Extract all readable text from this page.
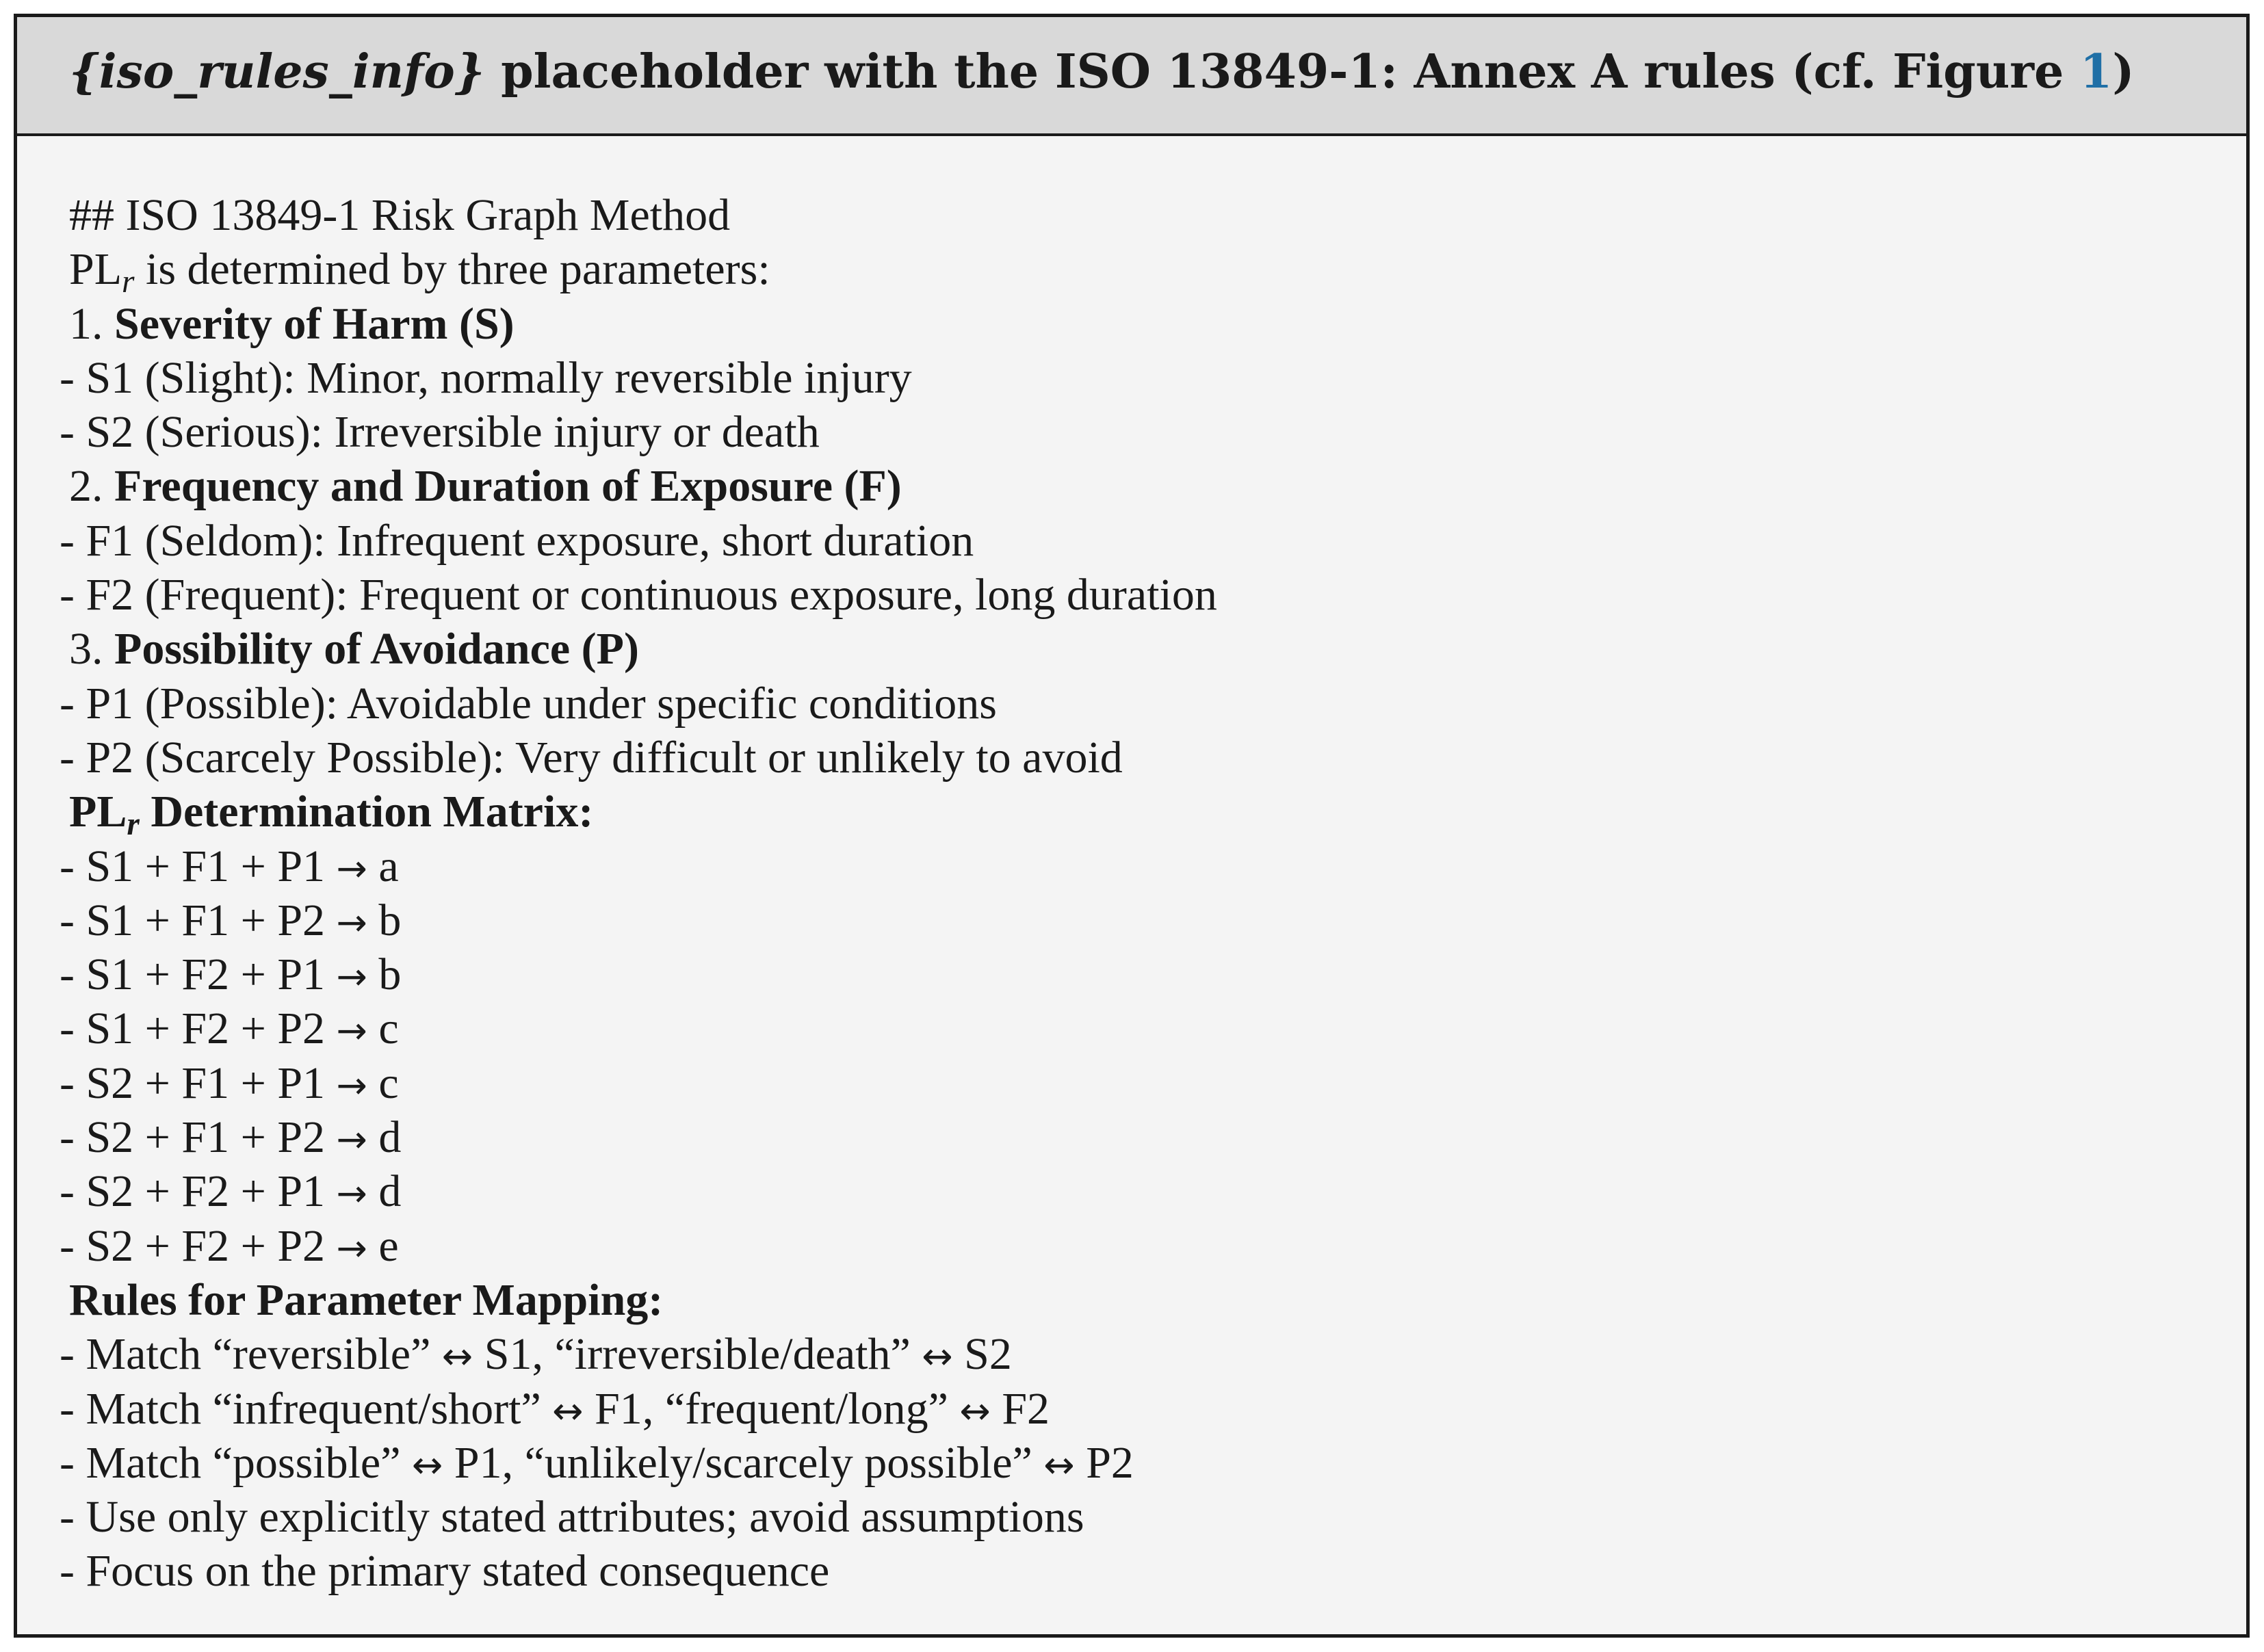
{iso_rules_info} placeholder with the ISO 13849-1: Annex A rules (cf. Figure 1)
## ISO 13849-1 Risk Graph Method
$PL_r$ is determined by three parameters:
1. Severity of Harm (S)
- S1 (Slight): Minor, normally reversible injury
- S2 (Serious): Irreversible injury or death
2. Frequency and Duration of Exposure (F)
- F1 (Seldom): Infrequent exposure, short duration
- F2 (Frequent): Frequent or continuous exposure, long duration
3. Possibility of Avoidance (P)
- P1 (Possible): Avoidable under specific conditions
- P2 (Scarcely Possible): Very difficult or unlikely to avoid
$PL_r$ Determination Matrix:
- S1 + F1 + P1 → a
- S1 + F1 + P2 → b
- S1 + F2 + P1 → b
- S1 + F2 + P2 → c
- S2 + F1 + P1 → c
- S2 + F1 + P2 → d
- S2 + F2 + P1 → d
- S2 + F2 + P2 → e
Rules for Parameter Mapping:
- Match “reversible” ↔ S1, “irreversible/death” ↔ S2
- Match “infrequent/short” ↔ F1, “frequent/long” ↔ F2
- Match “possible” ↔ P1, “unlikely/scarcely possible” ↔ P2
- Use only explicitly stated attributes; avoid assumptions
- Focus on the primary stated consequence
